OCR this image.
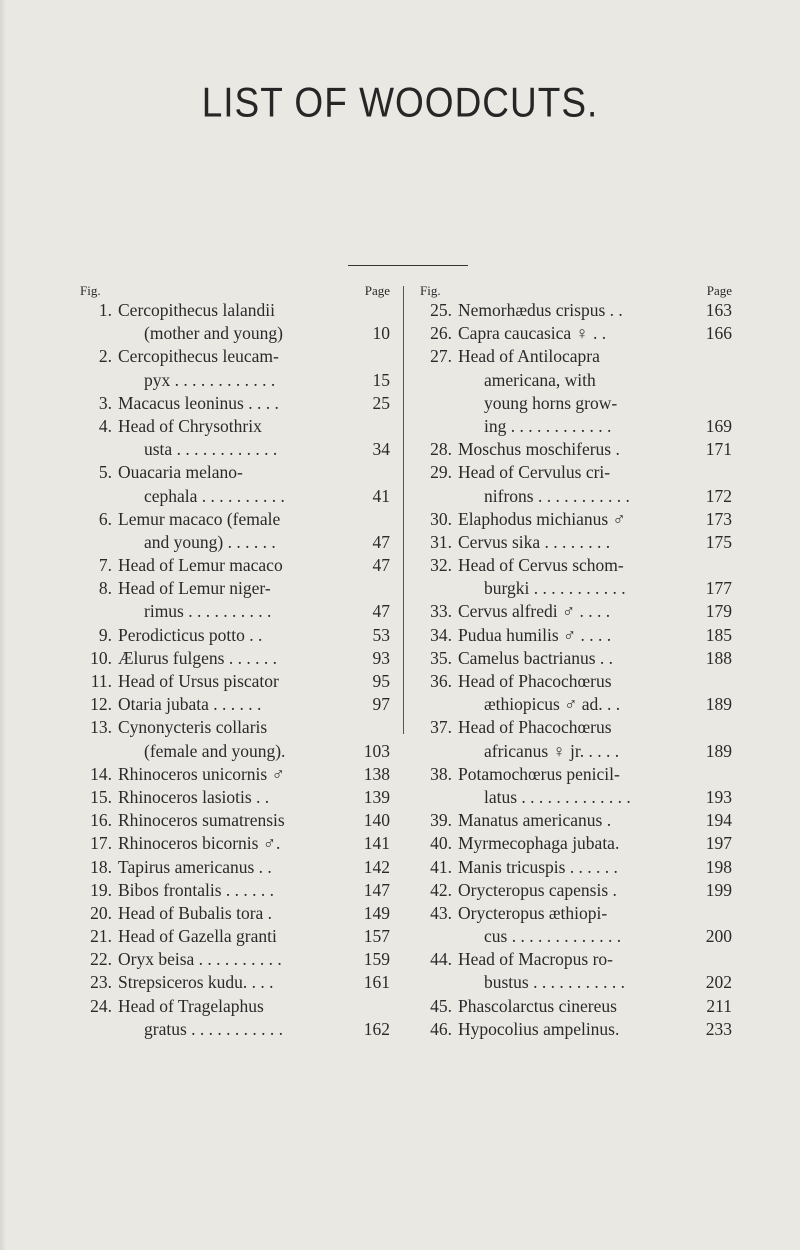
LIST OF WOODCUTS.
Fig.	Page
1. Cercopithecus lalandii
(mother and young)	10
2. Cercopithecus leucam-
pyx . . . . . . . . . . . .	15
3. Macacus leoninus . . . .	25
4. Head of Chrysothrix
usta . . . . . . . . . . . .	34
5. Ouacaria melano-
cephala . . . . . . . . . .	41
6. Lemur macaco (female
and young) . . . . . .	47
7. Head of Lemur macaco	47
8. Head of Lemur niger-
rimus . . . . . . . . . .	47
9. Perodicticus potto . .	53
10. Ælurus fulgens . . . . . .	93
11. Head of Ursus piscator	95
12. Otaria jubata . . . . . .	97
13. Cynonycteris collaris
(female and young).	103
14. Rhinoceros unicornis ♂	138
15. Rhinoceros lasiotis . .	139
16. Rhinoceros sumatrensis	140
17. Rhinoceros bicornis ♂.	141
18. Tapirus americanus . .	142
19. Bibos frontalis . . . . . .	147
20. Head of Bubalis tora .	149
21. Head of Gazella granti	157
22. Oryx beisa . . . . . . . . . .	159
23. Strepsiceros kudu. . . .	161
24. Head of Tragelaphus
gratus . . . . . . . . . . .	162
Fig.	Page
25. Nemorhædus crispus . .	163
26. Capra caucasica ♀ . .	166
27. Head of Antilocapra
americana, with
young horns grow-
ing . . . . . . . . . . . .	169
28. Moschus moschiferus .	171
29. Head of Cervulus cri-
nifrons . . . . . . . . . . .	172
30. Elaphodus michianus ♂	173
31. Cervus sika . . . . . . . .	175
32. Head of Cervus schom-
burgki . . . . . . . . . . .	177
33. Cervus alfredi ♂ . . . .	179
34. Pudua humilis ♂ . . . .	185
35. Camelus bactrianus . .	188
36. Head of Phacochœrus
æthiopicus ♂ ad. . .	189
37. Head of Phacochœrus
africanus ♀ jr. . . . .	189
38. Potamochœrus penicil-
latus . . . . . . . . . . . . .	193
39. Manatus americanus .	194
40. Myrmecophaga jubata.	197
41. Manis tricuspis . . . . . .	198
42. Orycteropus capensis .	199
43. Orycteropus æthiopi-
cus . . . . . . . . . . . . .	200
44. Head of Macropus ro-
bustus . . . . . . . . . . .	202
45. Phascolarctus cinereus	211
46. Hypocolius ampelinus.	233
